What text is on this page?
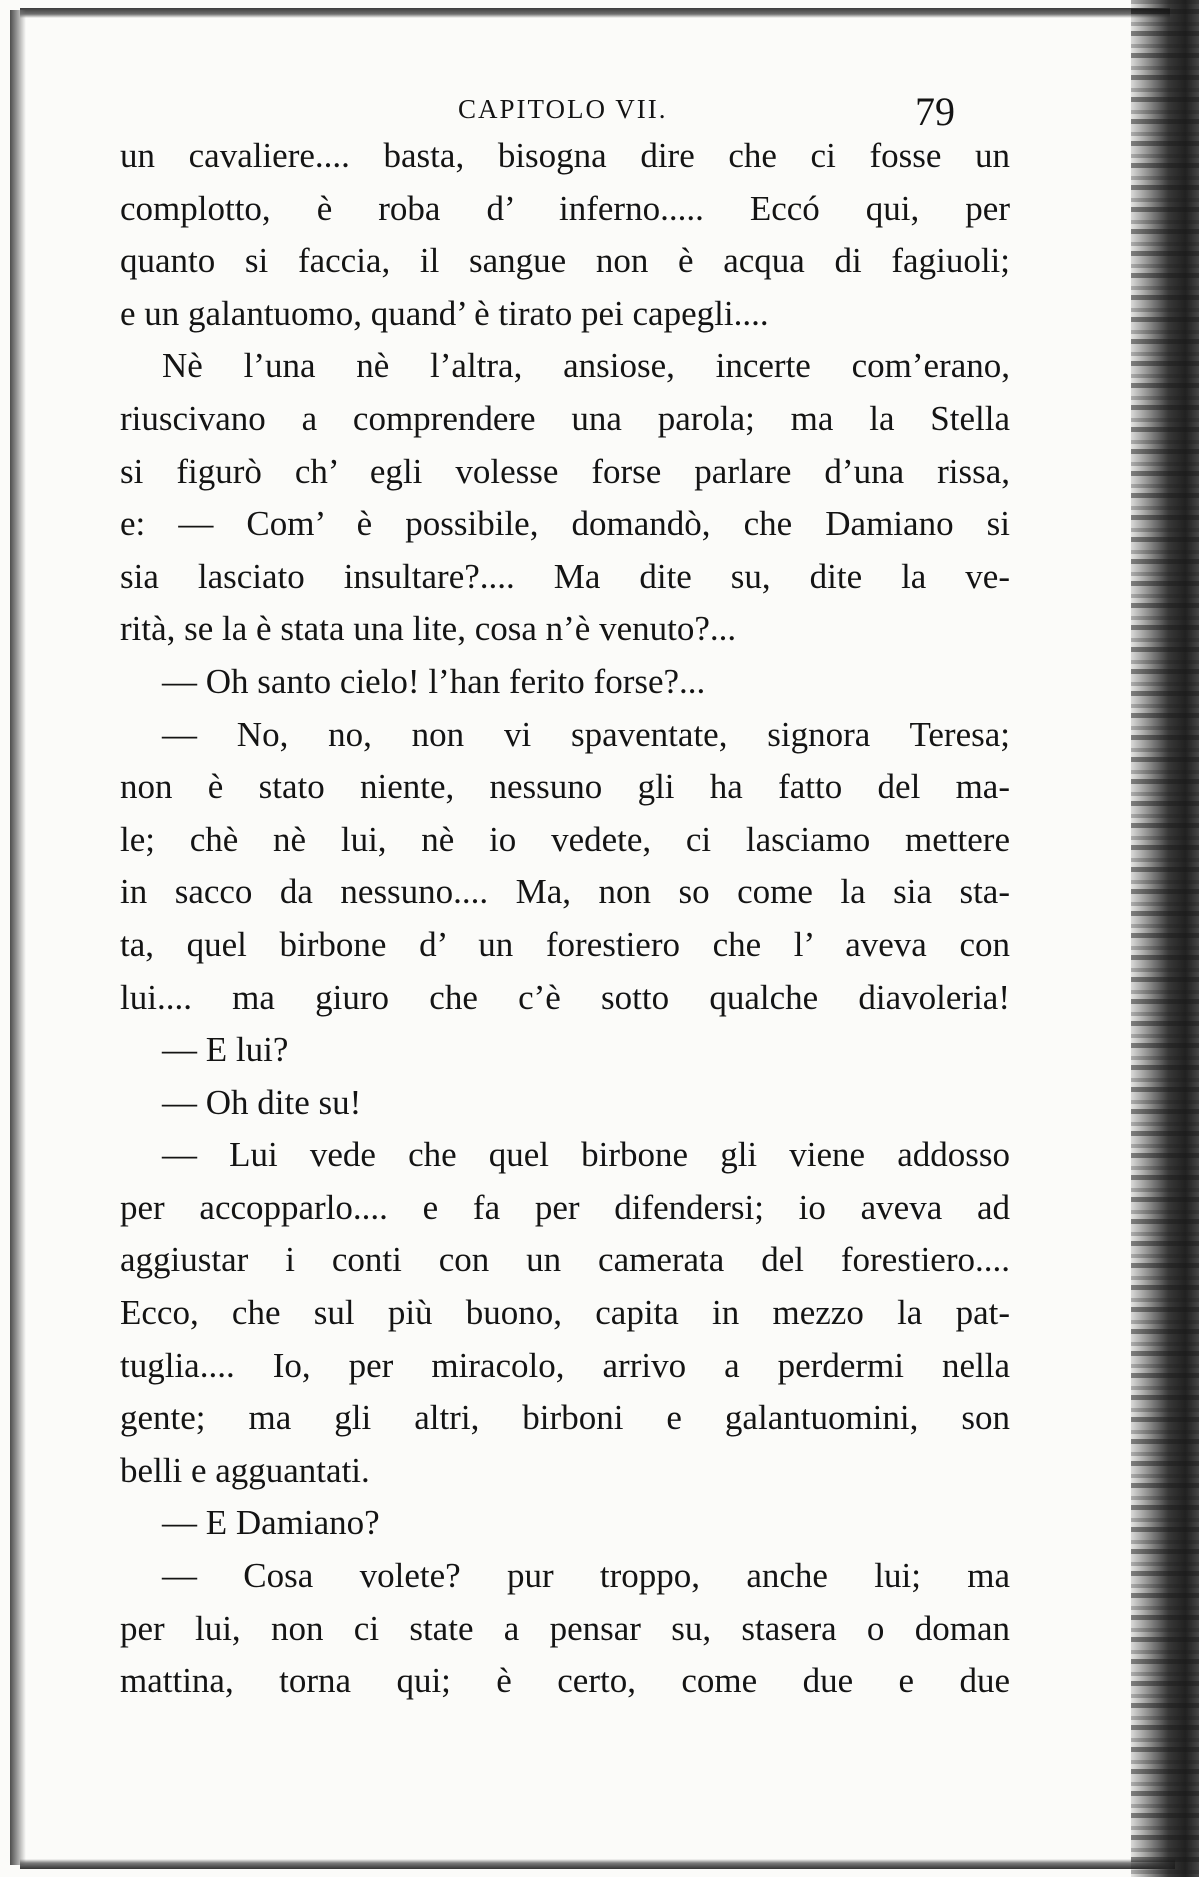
CAPITOLO VII.	79
un cavaliere.... basta, bisogna dire che ci fosse un
complotto, è roba d’ inferno..... Eccó qui, per
quanto si faccia, il sangue non è acqua di fagiuoli;
e un galantuomo, quand’ è tirato pei capegli....
Nè l’una nè l’altra, ansiose, incerte com’erano,
riuscivano a comprendere una parola; ma la Stella
si figurò ch’ egli volesse forse parlare d’una rissa,
e: — Com’ è possibile, domandò, che Damiano si
sia lasciato insultare?.... Ma dite su, dite la ve-
rità, se la è stata una lite, cosa n’è venuto?...
— Oh santo cielo! l’han ferito forse?...
— No, no, non vi spaventate, signora Teresa;
non è stato niente, nessuno gli ha fatto del ma-
le; chè nè lui, nè io vedete, ci lasciamo mettere
in sacco da nessuno.... Ma, non so come la sia sta-
ta, quel birbone d’ un forestiero che l’ aveva con
lui.... ma giuro che c’è sotto qualche diavoleria!
— E lui?
— Oh dite su!
— Lui vede che quel birbone gli viene addosso
per accopparlo.... e fa per difendersi; io aveva ad
aggiustar i conti con un camerata del forestiero....
Ecco, che sul più buono, capita in mezzo la pat-
tuglia.... Io, per miracolo, arrivo a perdermi nella
gente; ma gli altri, birboni e galantuomini, son
belli e agguantati.
— E Damiano?
— Cosa volete? pur troppo, anche lui; ma
per lui, non ci state a pensar su, stasera o doman
mattina, torna qui; è certo, come due e due
